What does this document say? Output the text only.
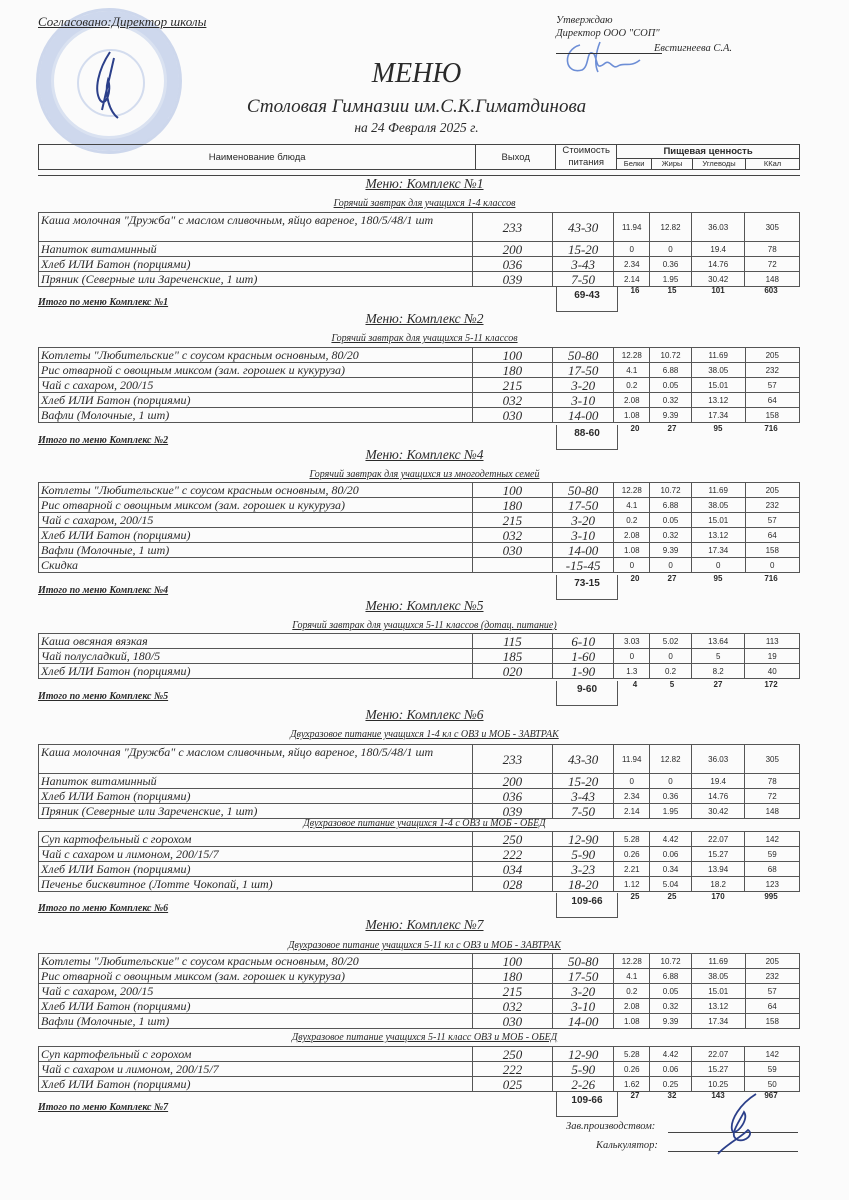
Согласовано:Директор школы	Утверждаю
Директор ООО "СОП"
Евстигнеева С.А.
МЕНЮ
Столовая Гимназии им.С.К.Гиматдинова
на 24 Февраля 2025 г.
Наименование блюда	Выход	Стоимость питания	Пищевая ценность			
			Белки	Жиры	Углеводы	ККал
Меню: Комплекс №1
Горячий завтрак для учащихся 1-4 классов
Каша молочная "Дружба" с маслом сливочным, яйцо вареное, 180/5/48/1 шт	233	43-30	11.94	12.82	36.03	305
Напиток витаминный	200	15-20	0	0	19.4	78
Хлеб ИЛИ Батон (порциями)	036	3-43	2.34	0.36	14.76	72
Пряник (Северные или Зареченские, 1 шт)	039	7-50	2.14	1.95	30.42	148
Итого по меню Комплекс №1
69-43	16	15	101	603
Меню: Комплекс №2
Горячий завтрак для учащихся 5-11 классов
Котлеты "Любительские" с соусом красным основным, 80/20	100	50-80	12.28	10.72	11.69	205
Рис отварной с овощным миксом (зам. горошек и кукуруза)	180	17-50	4.1	6.88	38.05	232
Чай с сахаром, 200/15	215	3-20	0.2	0.05	15.01	57
Хлеб ИЛИ Батон (порциями)	032	3-10	2.08	0.32	13.12	64
Вафли (Молочные, 1 шт)	030	14-00	1.08	9.39	17.34	158
Итого по меню Комплекс №2
88-60	20	27	95	716
Меню: Комплекс №4
Горячий завтрак для учащихся из многодетных семей
Котлеты "Любительские" с соусом красным основным, 80/20	100	50-80	12.28	10.72	11.69	205
Рис отварной с овощным миксом (зам. горошек и кукуруза)	180	17-50	4.1	6.88	38.05	232
Чай с сахаром, 200/15	215	3-20	0.2	0.05	15.01	57
Хлеб ИЛИ Батон (порциями)	032	3-10	2.08	0.32	13.12	64
Вафли (Молочные, 1 шт)	030	14-00	1.08	9.39	17.34	158
Скидка		-15-45	0	0	0	0
Итого по меню Комплекс №4
73-15	20	27	95	716
Меню: Комплекс №5
Горячий завтрак для учащихся 5-11 классов (дотац. питание)
Каша овсяная вязкая	115	6-10	3.03	5.02	13.64	113
Чай полусладкий, 180/5	185	1-60	0	0	5	19
Хлеб ИЛИ Батон (порциями)	020	1-90	1.3	0.2	8.2	40
Итого по меню Комплекс №5
9-60	4	5	27	172
Меню: Комплекс №6
Двухразовое питание учащихся 1-4 кл с ОВЗ и МОБ - ЗАВТРАК
Каша молочная "Дружба" с маслом сливочным, яйцо вареное, 180/5/48/1 шт	233	43-30	11.94	12.82	36.03	305
Напиток витаминный	200	15-20	0	0	19.4	78
Хлеб ИЛИ Батон (порциями)	036	3-43	2.34	0.36	14.76	72
Пряник (Северные или Зареченские, 1 шт)	039	7-50	2.14	1.95	30.42	148
Двухразовое питание учащихся 1-4 с ОВЗ и МОБ - ОБЕД
Суп картофельный с горохом	250	12-90	5.28	4.42	22.07	142
Чай с сахаром и лимоном, 200/15/7	222	5-90	0.26	0.06	15.27	59
Хлеб ИЛИ Батон (порциями)	034	3-23	2.21	0.34	13.94	68
Печенье бисквитное (Лотте Чокопай, 1 шт)	028	18-20	1.12	5.04	18.2	123
Итого по меню Комплекс №6
109-66	25	25	170	995
Меню: Комплекс №7
Двухразовое питание учащихся 5-11 кл с ОВЗ и МОБ - ЗАВТРАК
Котлеты "Любительские" с соусом красным основным, 80/20	100	50-80	12.28	10.72	11.69	205
Рис отварной с овощным миксом (зам. горошек и кукуруза)	180	17-50	4.1	6.88	38.05	232
Чай с сахаром, 200/15	215	3-20	0.2	0.05	15.01	57
Хлеб ИЛИ Батон (порциями)	032	3-10	2.08	0.32	13.12	64
Вафли (Молочные, 1 шт)	030	14-00	1.08	9.39	17.34	158
Двухразовое питание учащихся 5-11 класс ОВЗ и МОБ - ОБЕД
Суп картофельный с горохом	250	12-90	5.28	4.42	22.07	142
Чай с сахаром и лимоном, 200/15/7	222	5-90	0.26	0.06	15.27	59
Хлеб ИЛИ Батон (порциями)	025	2-26	1.62	0.25	10.25	50
Итого по меню Комплекс №7
109-66	27	32	143	967
Зав.производством:
Калькулятор:
